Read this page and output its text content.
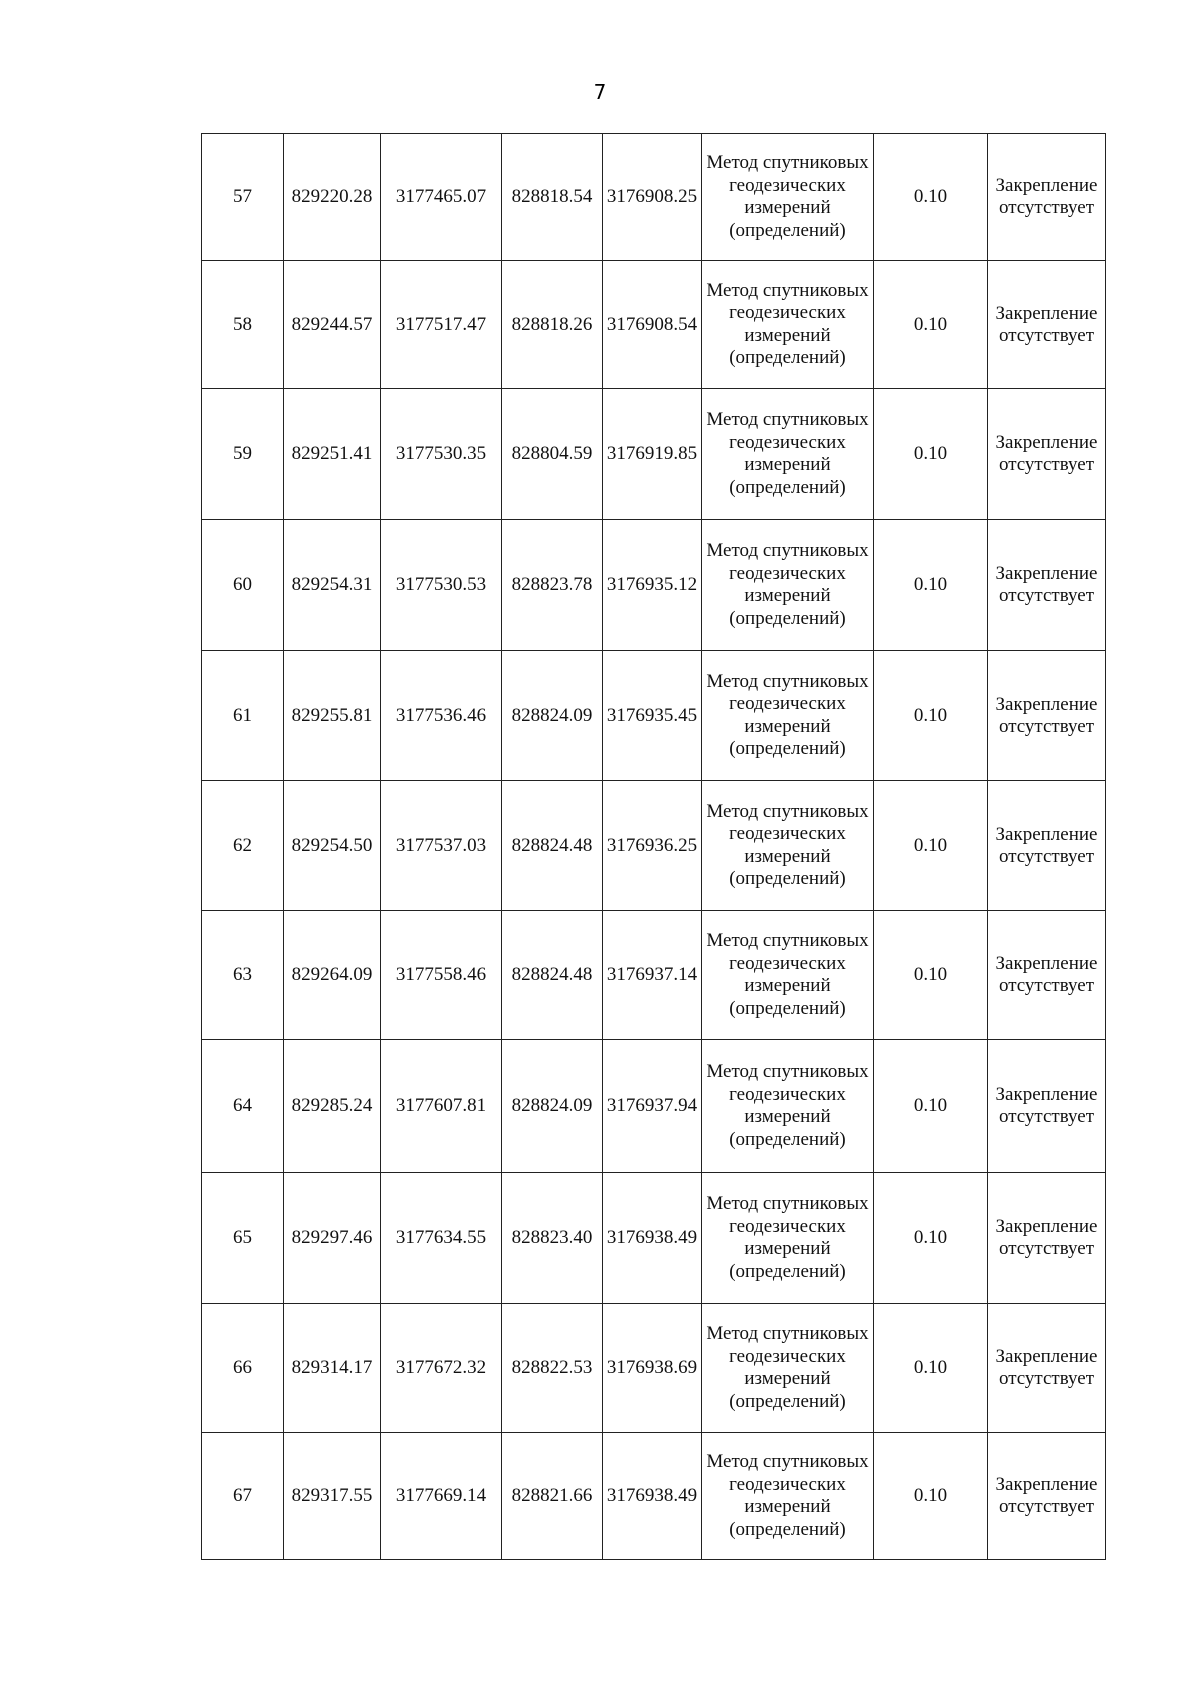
7
57	829220.28	3177465.07	828818.54	3176908.25	Метод спутниковых геодезических измерений (определений)	0.10	Закрепление отсутствует
58	829244.57	3177517.47	828818.26	3176908.54	Метод спутниковых геодезических измерений (определений)	0.10	Закрепление отсутствует
59	829251.41	3177530.35	828804.59	3176919.85	Метод спутниковых геодезических измерений (определений)	0.10	Закрепление отсутствует
60	829254.31	3177530.53	828823.78	3176935.12	Метод спутниковых геодезических измерений (определений)	0.10	Закрепление отсутствует
61	829255.81	3177536.46	828824.09	3176935.45	Метод спутниковых геодезических измерений (определений)	0.10	Закрепление отсутствует
62	829254.50	3177537.03	828824.48	3176936.25	Метод спутниковых геодезических измерений (определений)	0.10	Закрепление отсутствует
63	829264.09	3177558.46	828824.48	3176937.14	Метод спутниковых геодезических измерений (определений)	0.10	Закрепление отсутствует
64	829285.24	3177607.81	828824.09	3176937.94	Метод спутниковых геодезических измерений (определений)	0.10	Закрепление отсутствует
65	829297.46	3177634.55	828823.40	3176938.49	Метод спутниковых геодезических измерений (определений)	0.10	Закрепление отсутствует
66	829314.17	3177672.32	828822.53	3176938.69	Метод спутниковых геодезических измерений (определений)	0.10	Закрепление отсутствует
67	829317.55	3177669.14	828821.66	3176938.49	Метод спутниковых геодезических измерений (определений)	0.10	Закрепление отсутствует
